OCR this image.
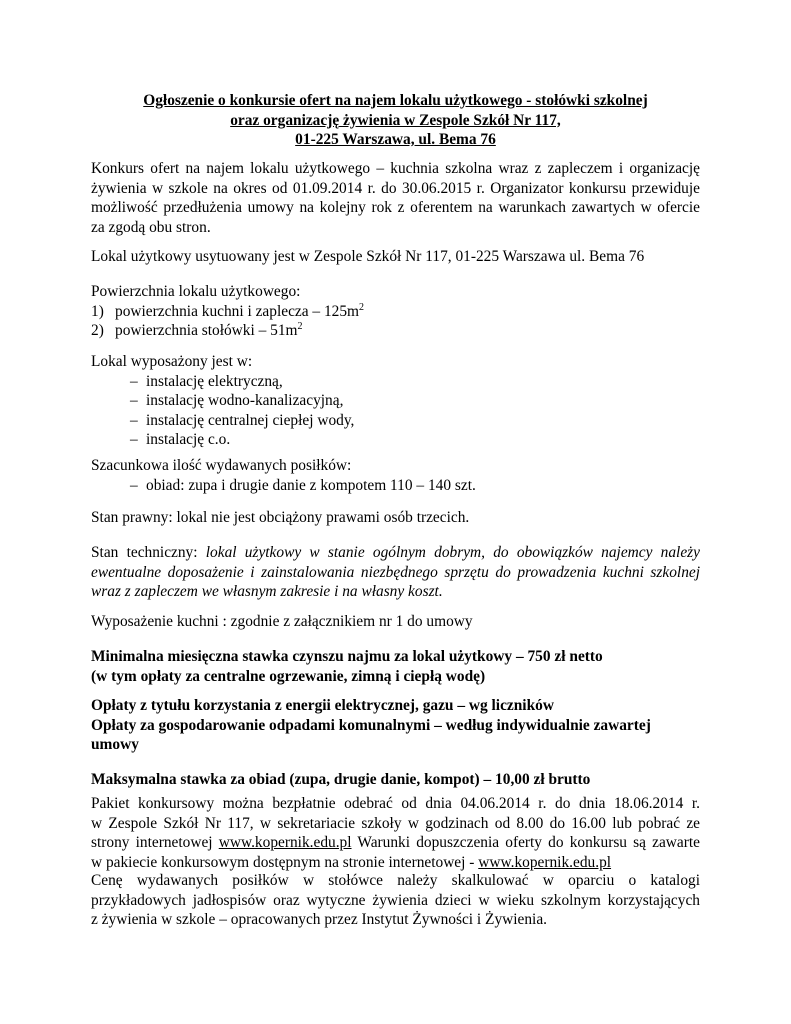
Ogłoszenie o konkursie ofert na najem lokalu użytkowego - stołówki szkolnej
oraz organizację żywienia w Zespole Szkół Nr 117,
01-225 Warszawa, ul. Bema 76
Konkurs ofert na najem lokalu użytkowego – kuchnia szkolna wraz z zapleczem i organizację
żywienia w szkole na okres od 01.09.2014 r. do 30.06.2015 r. Organizator konkursu przewiduje
możliwość przedłużenia umowy na kolejny rok z oferentem na warunkach zawartych w ofercie
za zgodą obu stron.
Lokal użytkowy usytuowany jest w Zespole Szkół Nr 117, 01-225 Warszawa ul. Bema 76
Powierzchnia lokalu użytkowego:
1) powierzchnia kuchni i zaplecza – $125m^2$
2) powierzchnia stołówki – $51m^2$
Lokal wyposażony jest w:
– instalację elektryczną,
– instalację wodno-kanalizacyjną,
– instalację centralnej ciepłej wody,
– instalację c.o.
Szacunkowa ilość wydawanych posiłków:
– obiad: zupa i drugie danie z kompotem 110 – 140 szt.
Stan prawny: lokal nie jest obciążony prawami osób trzecich.
Stan techniczny: lokal użytkowy w stanie ogólnym dobrym, do obowiązków najemcy należy
ewentualne doposażenie i zainstalowania niezbędnego sprzętu do prowadzenia kuchni szkolnej
wraz z zapleczem we własnym zakresie i na własny koszt.
Wyposażenie kuchni : zgodnie z załącznikiem nr 1 do umowy
Minimalna miesięczna stawka czynszu najmu za lokal użytkowy – 750 zł netto
(w tym opłaty za centralne ogrzewanie, zimną i ciepłą wodę)
Opłaty z tytułu korzystania z energii elektrycznej, gazu – wg liczników
Opłaty za gospodarowanie odpadami komunalnymi – według indywidualnie zawartej
umowy
Maksymalna stawka za obiad (zupa, drugie danie, kompot) – 10,00 zł brutto
Pakiet konkursowy można bezpłatnie odebrać od dnia 04.06.2014 r. do dnia 18.06.2014 r.
w Zespole Szkół Nr 117, w sekretariacie szkoły w godzinach od 8.00 do 16.00 lub pobrać ze
strony internetowej www.kopernik.edu.pl Warunki dopuszczenia oferty do konkursu są zawarte
w pakiecie konkursowym dostępnym na stronie internetowej - www.kopernik.edu.pl
Cenę wydawanych posiłków w stołówce należy skalkulować w oparciu o katalogi
przykładowych jadłospisów oraz wytyczne żywienia dzieci w wieku szkolnym korzystających
z żywienia w szkole – opracowanych przez Instytut Żywności i Żywienia.
